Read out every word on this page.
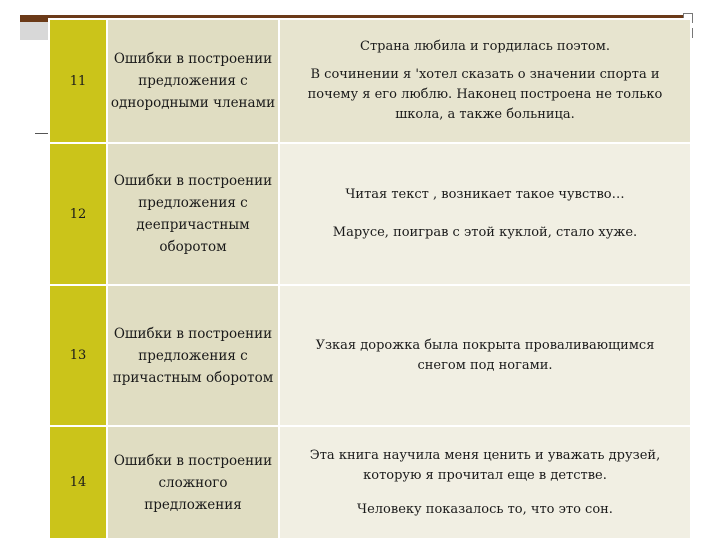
11	Ошибки в построении
предложения с
однородными членами	Страна любила и гордилась поэтом.
В сочинении я 'хотел сказать о значении спорта и
почему я его люблю. Наконец построена не только
школа, а также больница.

12	Ошибки в построении
предложения с
деепричастным
оборотом	Читая текст , возникает такое чувство…
Марусе, поиграв с этой куклой, стало хуже.

13	Ошибки в построении
предложения с
причастным оборотом	Узкая дорожка была покрыта проваливающимся
снегом под ногами.

14	Ошибки в построении
сложного предложения	Эта книга научила меня ценить и уважать друзей,
которую я прочитал еще в детстве.
Человеку показалось то, что это сон.
